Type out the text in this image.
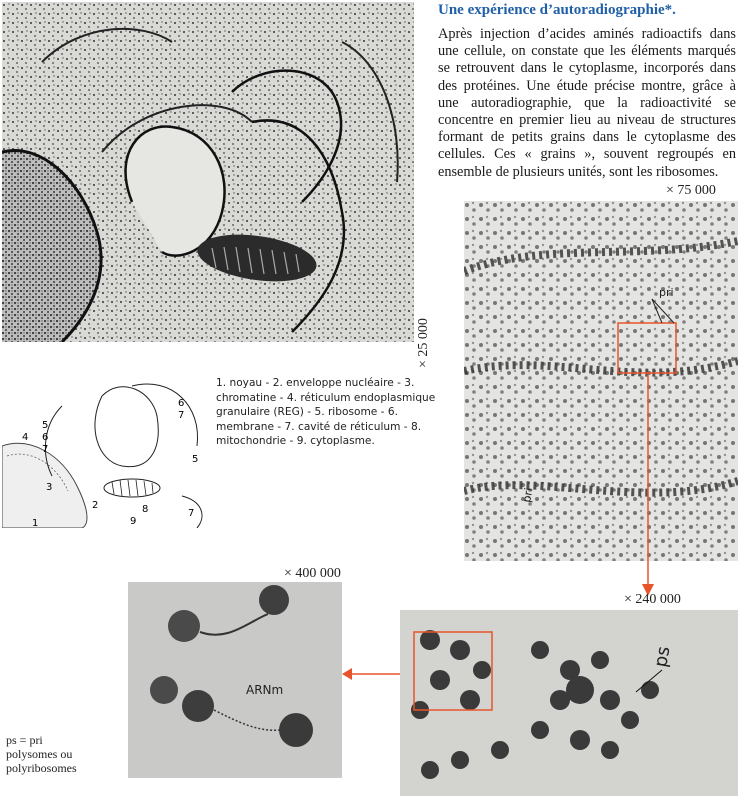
× 25 000
Une expérience d’autoradiographie*.
Après injection d’acides aminés radioactifs dans une cellule, on constate que les éléments marqués se retrouvent dans le cytoplasme, incorporés dans des protéines. Une étude précise montre, grâce à une autoradiographie, que la radioactivité se concentre en premier lieu au niveau de structures formant de petits grains dans le cytoplasme des cellules. Ces « grains », souvent regroupés en ensemble de plusieurs unités, sont les ribosomes.
× 75 000
pri
pri
5
6
7
4
3
1
2	8
9
6
7
5
7
1. noyau - 2. enveloppe nucléaire - 3. chromatine - 4. réticulum endoplasmique granulaire (REG) - 5. ribosome - 6. membrane - 7. cavité de réticulum - 8. mitochondrie - 9. cytoplasme.
× 400 000
ARNm
× 240 000
ps
ps = pri
polysomes ou
polyribosomes
